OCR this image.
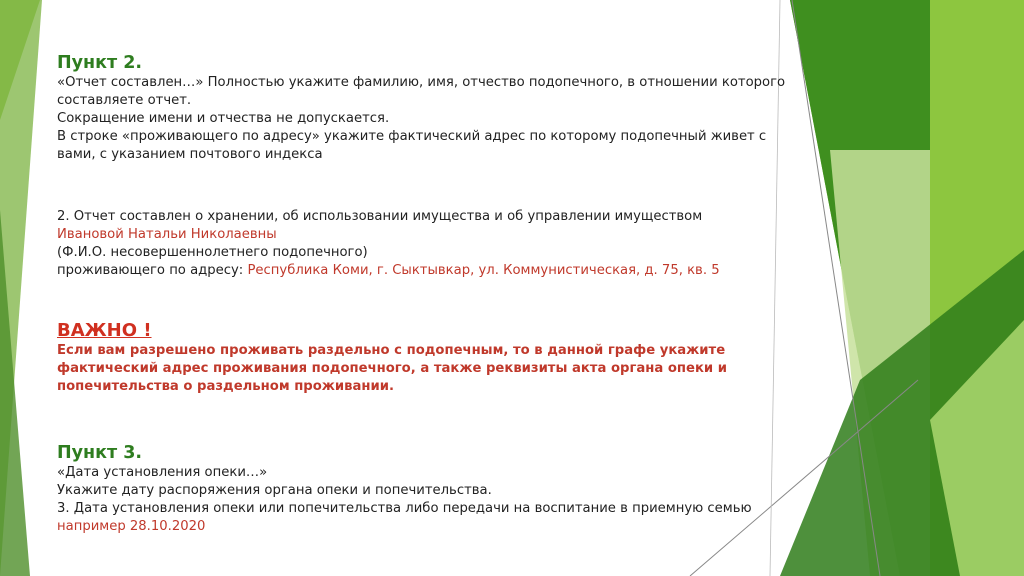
Пункт 2.

«Отчет составлен…» Полностью укажите фамилию, имя, отчество подопечного, в отношении которого

составляете отчет.

Сокращение имени и отчества не допускается.

В строке «проживающего по адресу» укажите фактический адрес по которому подопечный живет с

вами, с указанием почтового индекса

2. Отчет составлен о хранении, об использовании имущества и об управлении имуществом

Ивановой Натальи Николаевны

(Ф.И.О. несовершеннолетнего подопечного)

проживающего по адресу: Республика Коми, г. Сыктывкар, ул. Коммунистическая, д. 75, кв. 5

ВАЖНО !

Если вам разрешено проживать раздельно с подопечным, то в данной графе укажите

фактический адрес проживания подопечного, а также реквизиты акта органа опеки и

попечительства о раздельном проживании.

Пункт 3.

«Дата установления опеки…»

Укажите дату распоряжения органа опеки и попечительства.

3. Дата установления опеки или попечительства либо передачи на воспитание в приемную семью

например 28.10.2020
